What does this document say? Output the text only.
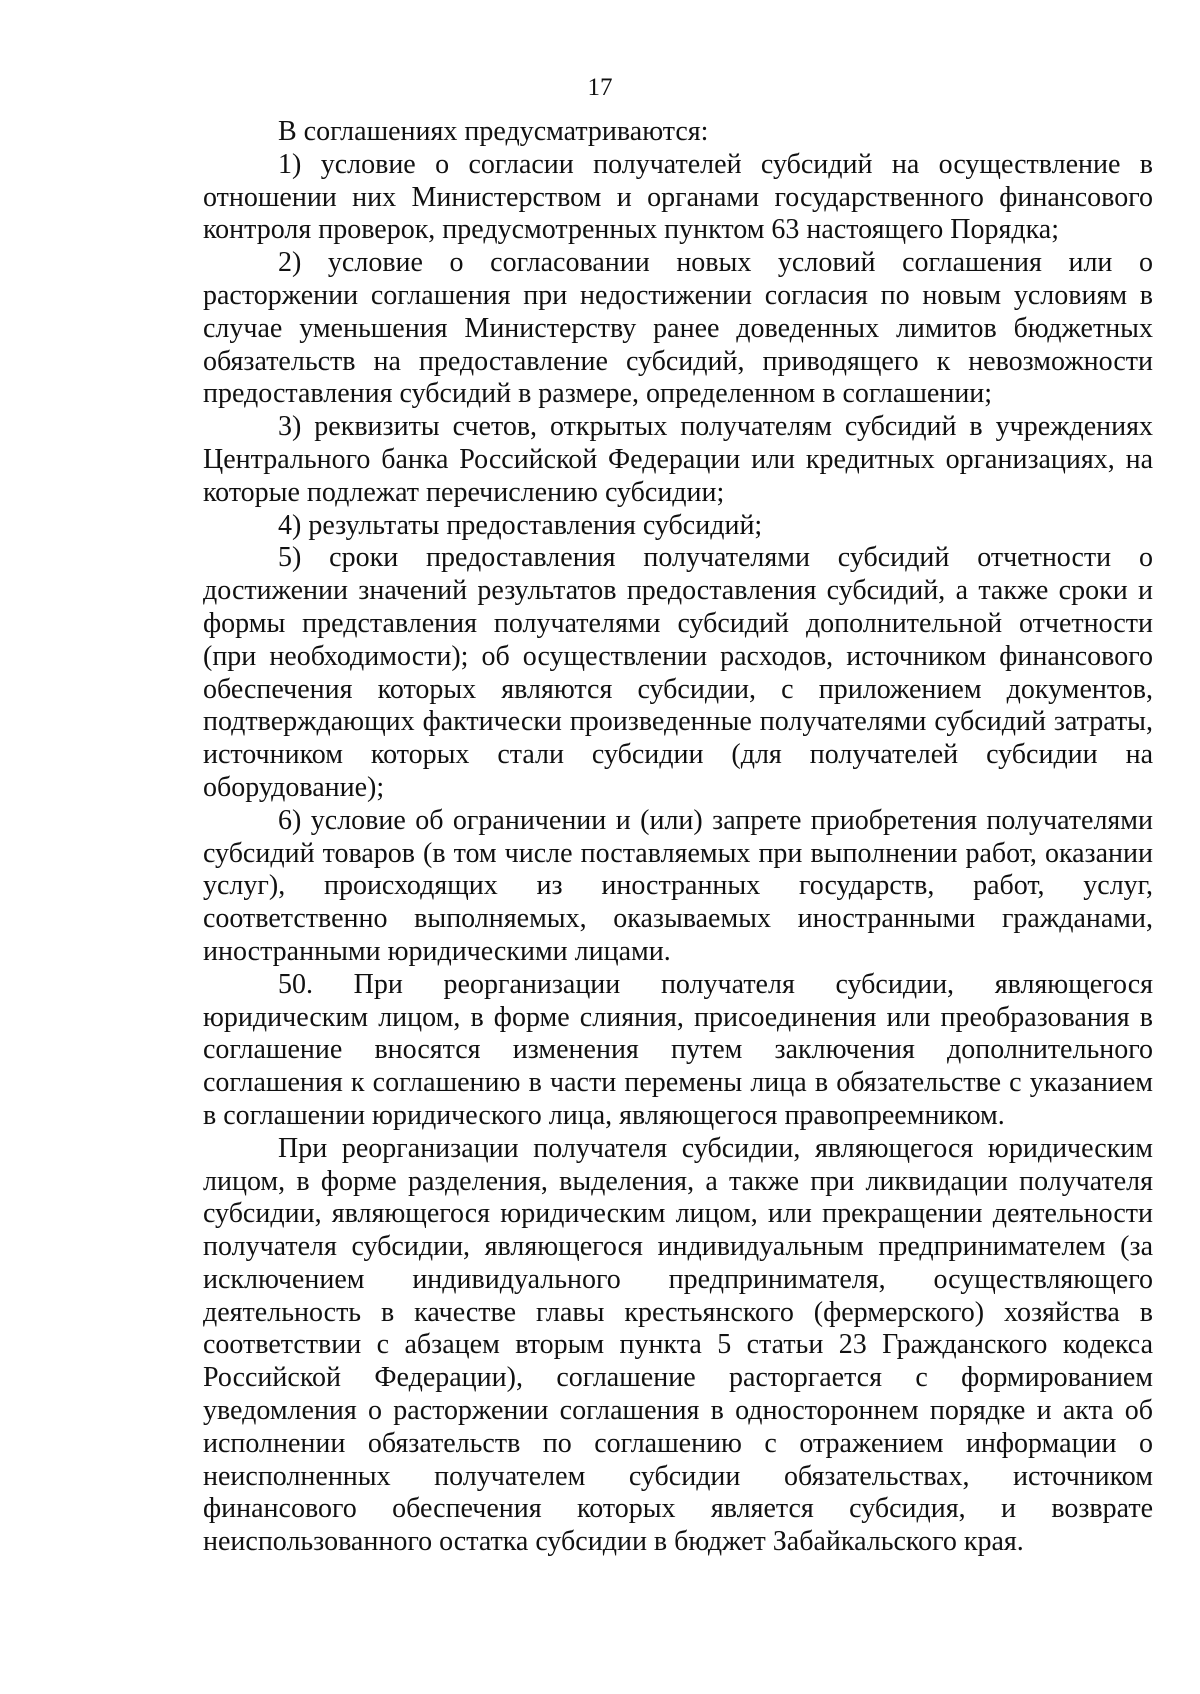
17

В соглашениях предусматриваются:

1) условие о согласии получателей субсидий на осуществление в отношении них Министерством и органами государственного финансового контроля проверок, предусмотренных пунктом 63 настоящего Порядка;

2) условие о согласовании новых условий соглашения или о расторжении соглашения при недостижении согласия по новым условиям в случае уменьшения Министерству ранее доведенных лимитов бюджетных обязательств на предоставление субсидий, приводящего к невозможности предоставления субсидий в размере, определенном в соглашении;

3) реквизиты счетов, открытых получателям субсидий в учреждениях Центрального банка Российской Федерации или кредитных организациях, на которые подлежат перечислению субсидии;

4) результаты предоставления субсидий;

5) сроки предоставления получателями субсидий отчетности о достижении значений результатов предоставления субсидий, а также сроки и формы представления получателями субсидий дополнительной отчетности (при необходимости); об осуществлении расходов, источником финансового обеспечения которых являются субсидии, с приложением документов, подтверждающих фактически произведенные получателями субсидий затраты, источником которых стали субсидии (для получателей субсидии на оборудование);

6) условие об ограничении и (или) запрете приобретения получателями субсидий товаров (в том числе поставляемых при выполнении работ, оказании услуг), происходящих из иностранных государств, работ, услуг, соответственно выполняемых, оказываемых иностранными гражданами, иностранными юридическими лицами.

50. При реорганизации получателя субсидии, являющегося юридическим лицом, в форме слияния, присоединения или преобразования в соглашение вносятся изменения путем заключения дополнительного соглашения к соглашению в части перемены лица в обязательстве с указанием в соглашении юридического лица, являющегося правопреемником.

При реорганизации получателя субсидии, являющегося юридическим лицом, в форме разделения, выделения, а также при ликвидации получателя субсидии, являющегося юридическим лицом, или прекращении деятельности получателя субсидии, являющегося индивидуальным предпринимателем (за исключением индивидуального предпринимателя, осуществляющего деятельность в качестве главы крестьянского (фермерского) хозяйства в соответствии с абзацем вторым пункта 5 статьи 23 Гражданского кодекса Российской Федерации), соглашение расторгается с формированием уведомления о расторжении соглашения в одностороннем порядке и акта об исполнении обязательств по соглашению с отражением информации о неисполненных получателем субсидии обязательствах, источником финансового обеспечения которых является субсидия, и возврате неиспользованного остатка субсидии в бюджет Забайкальского края.
